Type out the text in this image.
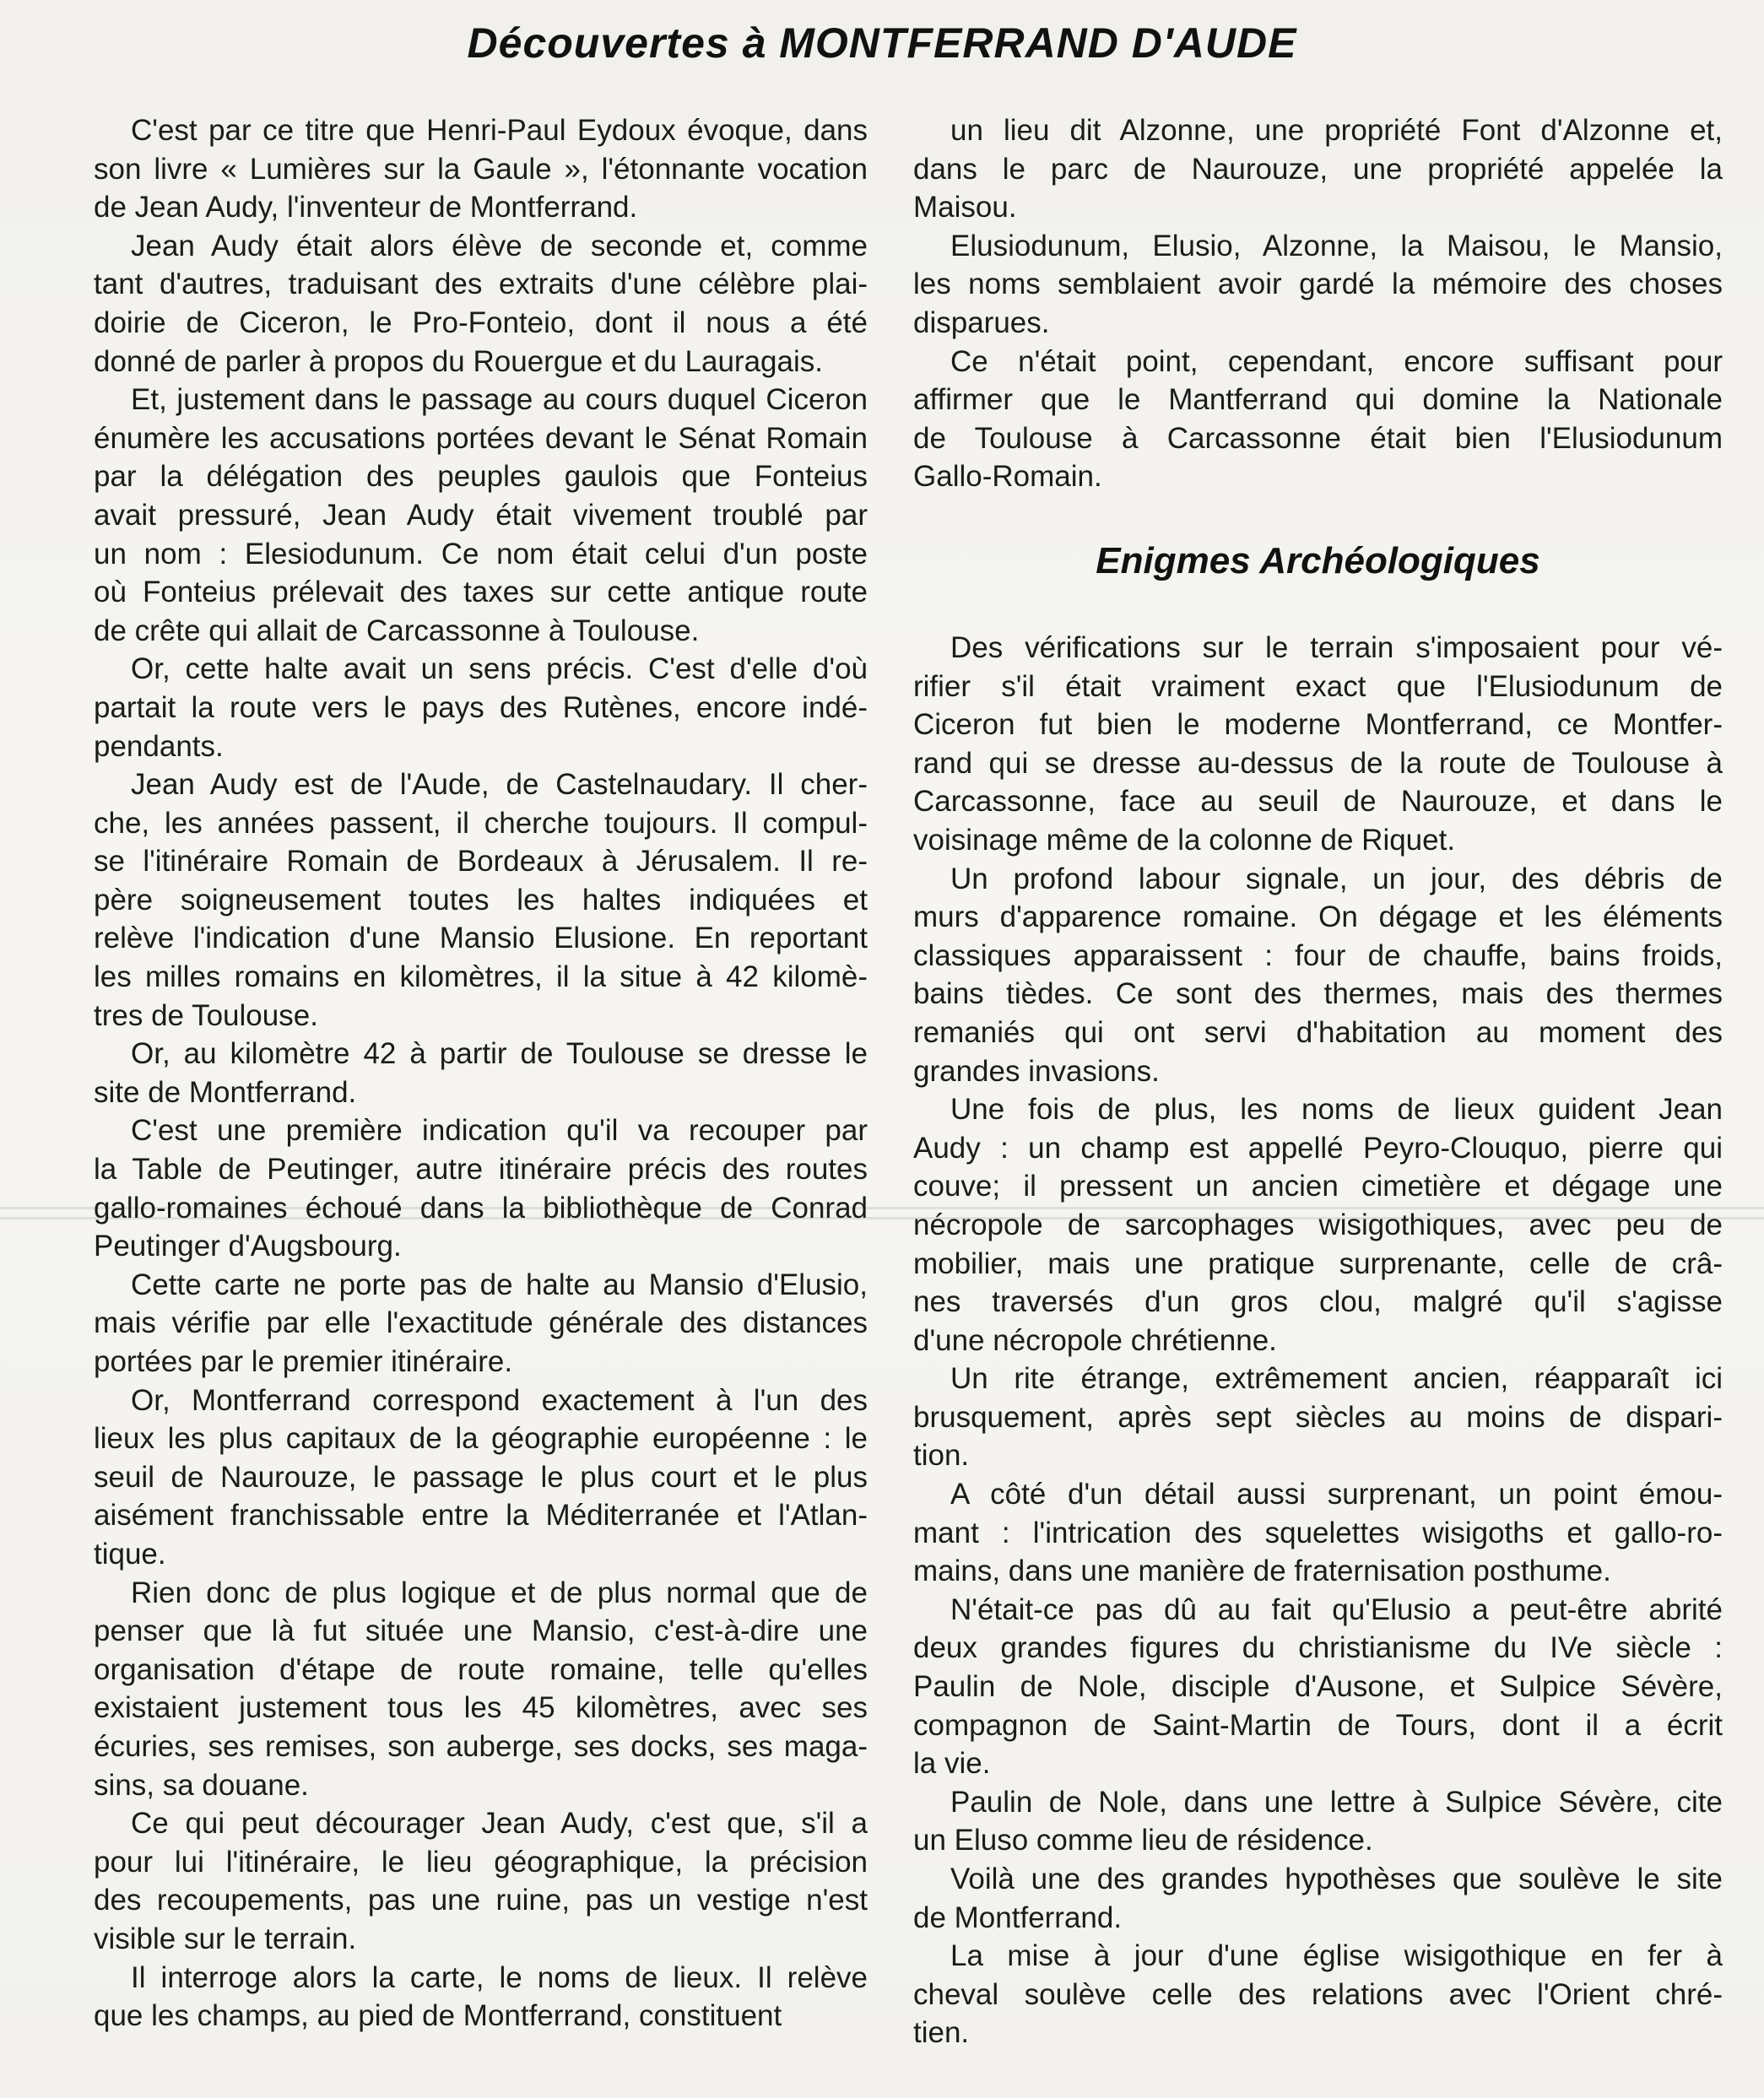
Découvertes à MONTFERRAND D'AUDE
C'est par ce titre que Henri-Paul Eydoux évoque, dans
son livre « Lumières sur la Gaule », l'étonnante vocation
de Jean Audy, l'inventeur de Montferrand.
Jean Audy était alors élève de seconde et, comme
tant d'autres, traduisant des extraits d'une célèbre plai-
doirie de Ciceron, le Pro-Fonteio, dont il nous a été
donné de parler à propos du Rouergue et du Lauragais.
Et, justement dans le passage au cours duquel Ciceron
énumère les accusations portées devant le Sénat Romain
par la délégation des peuples gaulois que Fonteius
avait pressuré, Jean Audy était vivement troublé par
un nom : Elesiodunum. Ce nom était celui d'un poste
où Fonteius prélevait des taxes sur cette antique route
de crête qui allait de Carcassonne à Toulouse.
Or, cette halte avait un sens précis. C'est d'elle d'où
partait la route vers le pays des Rutènes, encore indé-
pendants.
Jean Audy est de l'Aude, de Castelnaudary. Il cher-
che, les années passent, il cherche toujours. Il compul-
se l'itinéraire Romain de Bordeaux à Jérusalem. Il re-
père soigneusement toutes les haltes indiquées et
relève l'indication d'une Mansio Elusione. En reportant
les milles romains en kilomètres, il la situe à 42 kilomè-
tres de Toulouse.
Or, au kilomètre 42 à partir de Toulouse se dresse le
site de Montferrand.
C'est une première indication qu'il va recouper par
la Table de Peutinger, autre itinéraire précis des routes
gallo-romaines échoué dans la bibliothèque de Conrad
Peutinger d'Augsbourg.
Cette carte ne porte pas de halte au Mansio d'Elusio,
mais vérifie par elle l'exactitude générale des distances
portées par le premier itinéraire.
Or, Montferrand correspond exactement à l'un des
lieux les plus capitaux de la géographie européenne : le
seuil de Naurouze, le passage le plus court et le plus
aisément franchissable entre la Méditerranée et l'Atlan-
tique.
Rien donc de plus logique et de plus normal que de
penser que là fut située une Mansio, c'est-à-dire une
organisation d'étape de route romaine, telle qu'elles
existaient justement tous les 45 kilomètres, avec ses
écuries, ses remises, son auberge, ses docks, ses maga-
sins, sa douane.
Ce qui peut décourager Jean Audy, c'est que, s'il a
pour lui l'itinéraire, le lieu géographique, la précision
des recoupements, pas une ruine, pas un vestige n'est
visible sur le terrain.
Il interroge alors la carte, le noms de lieux. Il relève
que les champs, au pied de Montferrand, constituent
un lieu dit Alzonne, une propriété Font d'Alzonne et,
dans le parc de Naurouze, une propriété appelée la
Maisou.
Elusiodunum, Elusio, Alzonne, la Maisou, le Mansio,
les noms semblaient avoir gardé la mémoire des choses
disparues.
Ce n'était point, cependant, encore suffisant pour
affirmer que le Mantferrand qui domine la Nationale
de Toulouse à Carcassonne était bien l'Elusiodunum
Gallo-Romain.
Enigmes Archéologiques
Des vérifications sur le terrain s'imposaient pour vé-
rifier s'il était vraiment exact que l'Elusiodunum de
Ciceron fut bien le moderne Montferrand, ce Montfer-
rand qui se dresse au-dessus de la route de Toulouse à
Carcassonne, face au seuil de Naurouze, et dans le
voisinage même de la colonne de Riquet.
Un profond labour signale, un jour, des débris de
murs d'apparence romaine. On dégage et les éléments
classiques apparaissent : four de chauffe, bains froids,
bains tièdes. Ce sont des thermes, mais des thermes
remaniés qui ont servi d'habitation au moment des
grandes invasions.
Une fois de plus, les noms de lieux guident Jean
Audy : un champ est appellé Peyro-Clouquo, pierre qui
couve; il pressent un ancien cimetière et dégage une
nécropole de sarcophages wisigothiques, avec peu de
mobilier, mais une pratique surprenante, celle de crâ-
nes traversés d'un gros clou, malgré qu'il s'agisse
d'une nécropole chrétienne.
Un rite étrange, extrêmement ancien, réapparaît ici
brusquement, après sept siècles au moins de dispari-
tion.
A côté d'un détail aussi surprenant, un point émou-
mant : l'intrication des squelettes wisigoths et gallo-ro-
mains, dans une manière de fraternisation posthume.
N'était-ce pas dû au fait qu'Elusio a peut-être abrité
deux grandes figures du christianisme du IVe siècle :
Paulin de Nole, disciple d'Ausone, et Sulpice Sévère,
compagnon de Saint-Martin de Tours, dont il a écrit
la vie.
Paulin de Nole, dans une lettre à Sulpice Sévère, cite
un Eluso comme lieu de résidence.
Voilà une des grandes hypothèses que soulève le site
de Montferrand.
La mise à jour d'une église wisigothique en fer à
cheval soulève celle des relations avec l'Orient chré-
tien.
